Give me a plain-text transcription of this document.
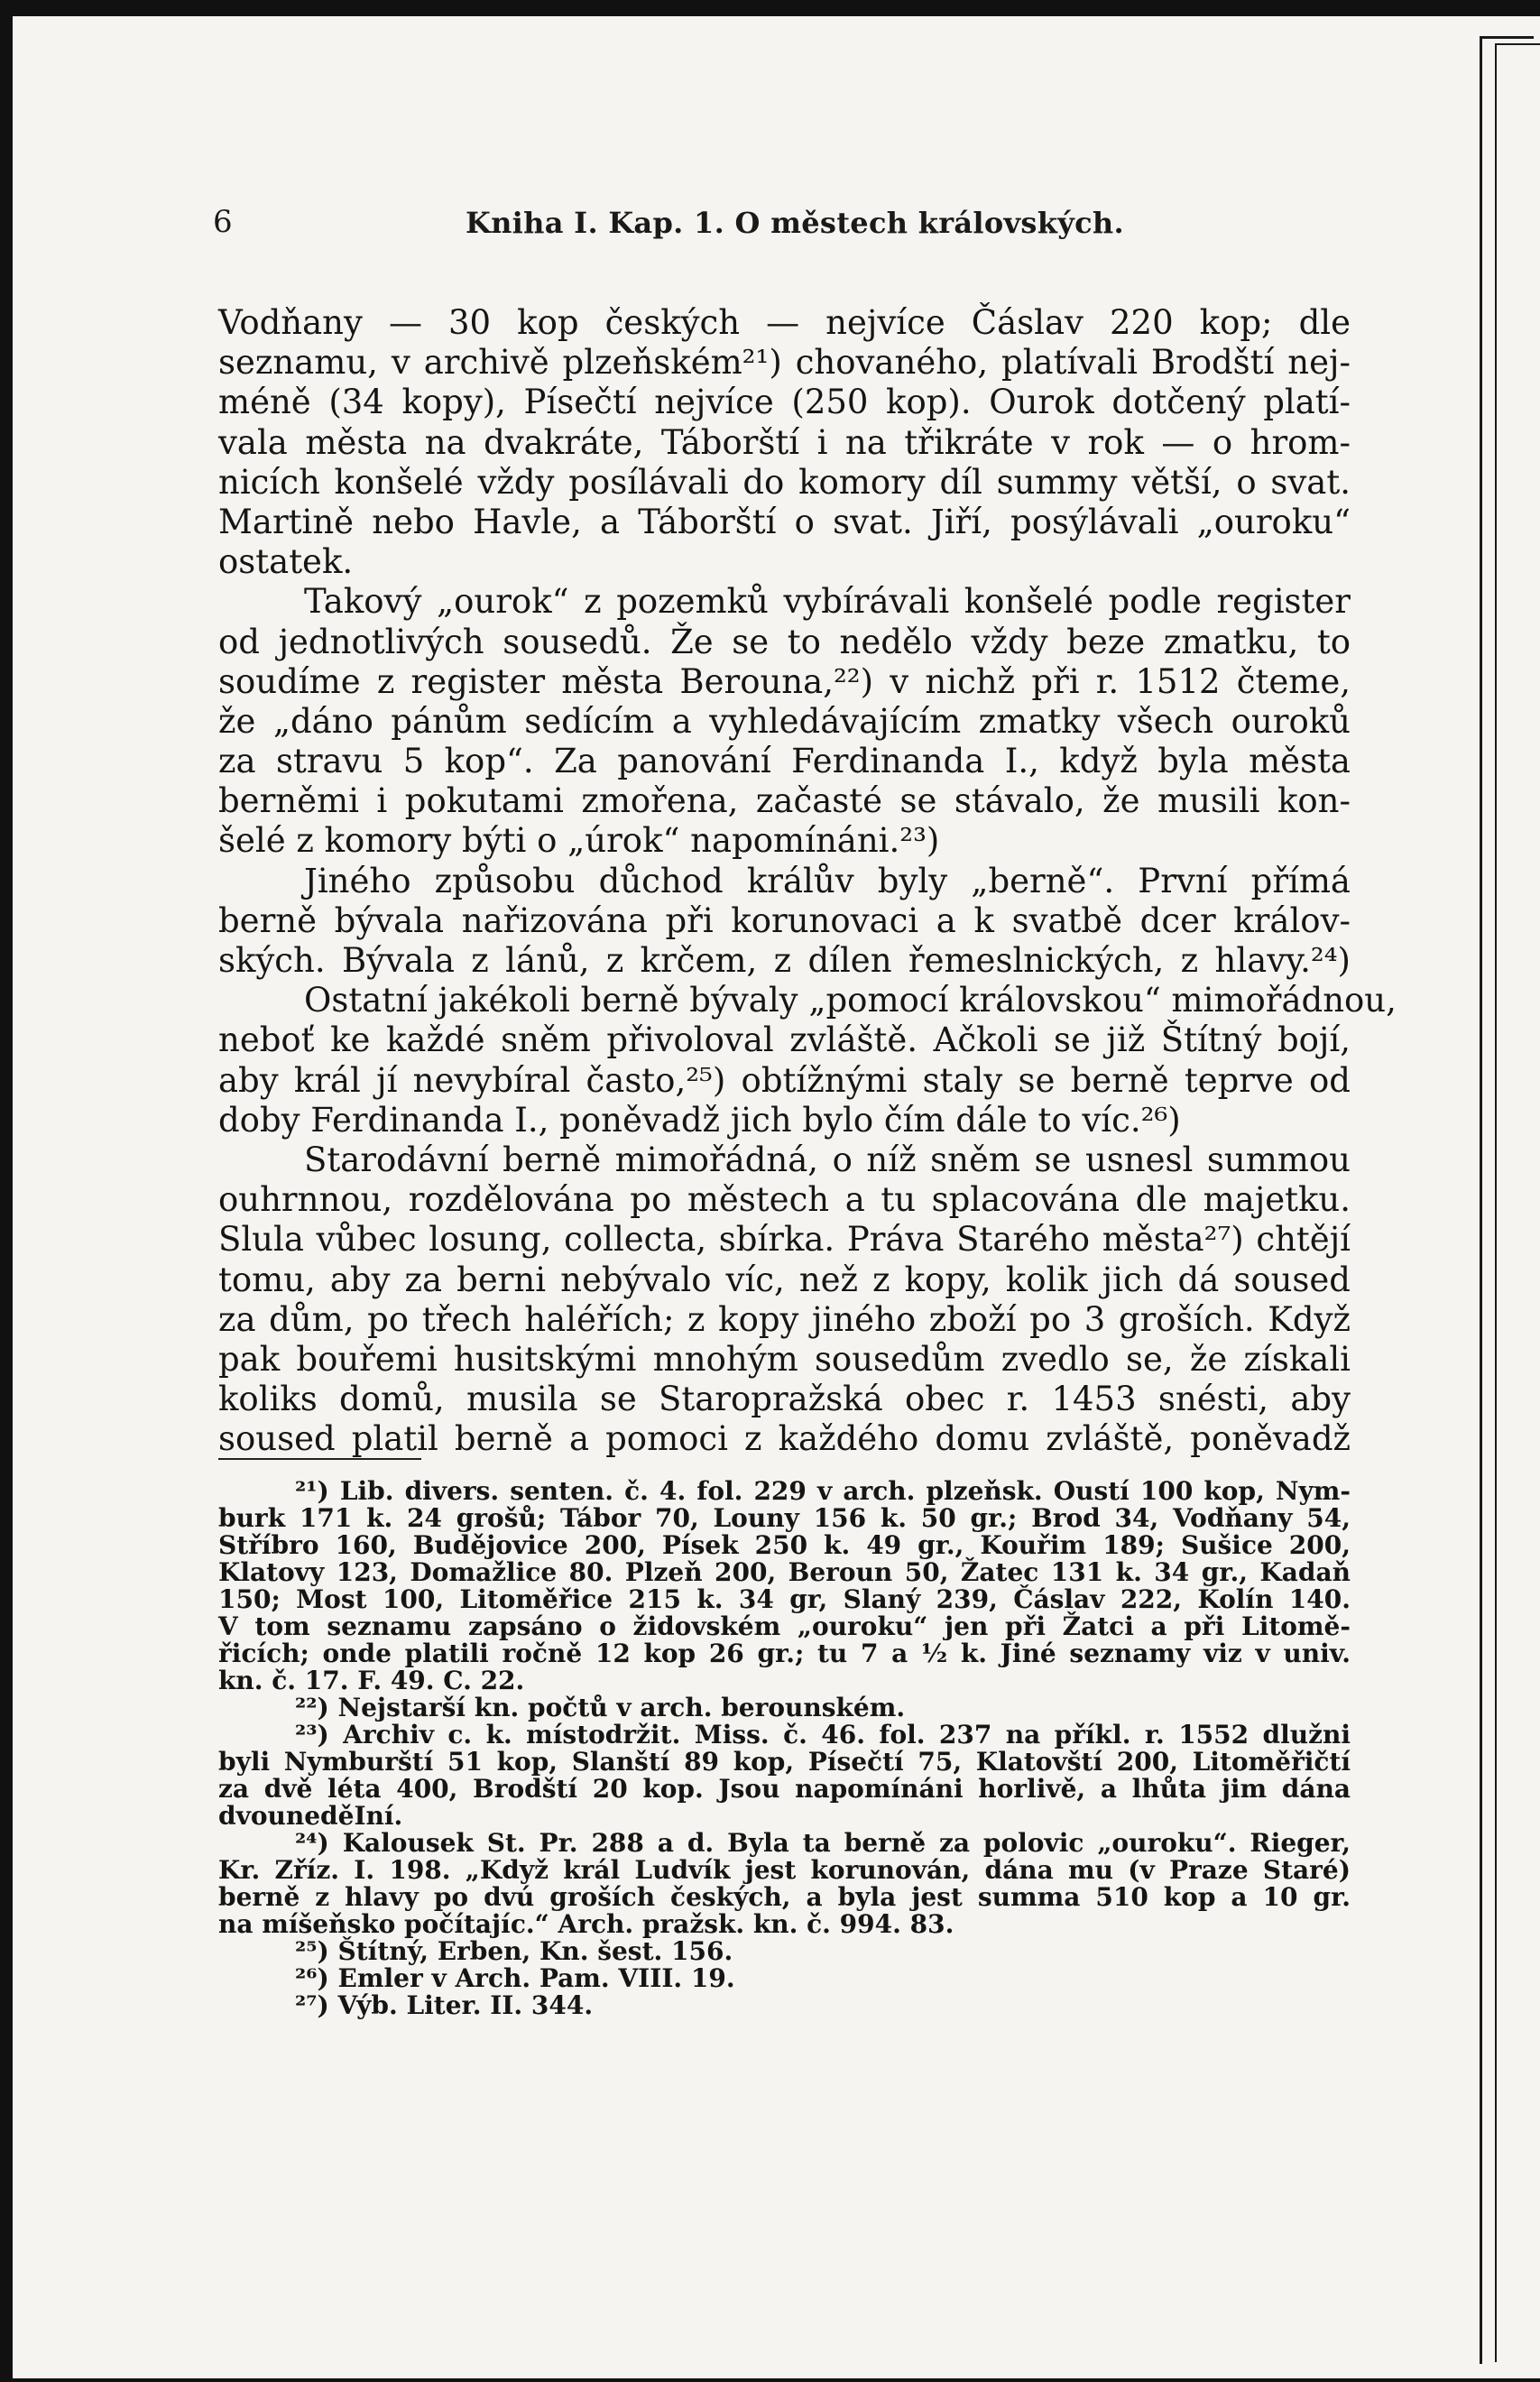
6	Kniha I. Kap. 1. O městech královských.
Vodňany — 30 kop českých — nejvíce Čáslav 220 kop; dle
seznamu, v archivě plzeňském²¹) chovaného, platívali Brodští nej-
méně (34 kopy), Písečtí nejvíce (250 kop). Ourok dotčený platí-
vala města na dvakráte, Táborští i na třikráte v rok — o hrom-
nicích konšelé vždy posílávali do komory díl summy větší, o svat.
Martině nebo Havle, a Táborští o svat. Jiří, posýlávali „ouroku“
ostatek.
Takový „ourok“ z pozemků vybírávali konšelé podle register
od jednotlivých sousedů. Že se to nedělo vždy beze zmatku, to
soudíme z register města Berouna,²²) v nichž při r. 1512 čteme,
že „dáno pánům sedícím a vyhledávajícím zmatky všech ouroků
za stravu 5 kop“. Za panování Ferdinanda I., když byla města
berněmi i pokutami zmořena, začasté se stávalo, že musili kon-
šelé z komory býti o „úrok“ napomínáni.²³)
Jiného způsobu důchod králův byly „berně“. První přímá
berně bývala nařizována při korunovaci a k svatbě dcer králov-
ských. Bývala z lánů, z krčem, z dílen řemeslnických, z hlavy.²⁴)
Ostatní jakékoli berně bývaly „pomocí královskou“ mimořádnou,
neboť ke každé sněm přivoloval zvláště. Ačkoli se již Štítný bojí,
aby král jí nevybíral často,²⁵) obtížnými staly se berně teprve od
doby Ferdinanda I., poněvadž jich bylo čím dále to víc.²⁶)
Starodávní berně mimořádná, o níž sněm se usnesl summou
ouhrnnou, rozdělována po městech a tu splacována dle majetku.
Slula vůbec losung, collecta, sbírka. Práva Starého města²⁷) chtějí
tomu, aby za berni nebývalo víc, než z kopy, kolik jich dá soused
za dům, po třech haléřích; z kopy jiného zboží po 3 groších. Když
pak bouřemi husitskými mnohým sousedům zvedlo se, že získali
koliks domů, musila se Staropražská obec r. 1453 snésti, aby
soused platil berně a pomoci z každého domu zvláště, poněvadž
²¹) Lib. divers. senten. č. 4. fol. 229 v arch. plzeňsk. Oustí 100 kop, Nym-
burk 171 k. 24 grošů; Tábor 70, Louny 156 k. 50 gr.; Brod 34, Vodňany 54,
Stříbro 160, Budějovice 200, Písek 250 k. 49 gr., Kouřim 189; Sušice 200,
Klatovy 123, Domažlice 80. Plzeň 200, Beroun 50, Žatec 131 k. 34 gr., Kadaň
150; Most 100, Litoměřice 215 k. 34 gr, Slaný 239, Čáslav 222, Kolín 140.
V tom seznamu zapsáno o židovském „ouroku“ jen při Žatci a při Litomě-
řicích; onde platili ročně 12 kop 26 gr.; tu 7 a ½ k. Jiné seznamy viz v univ.
kn. č. 17. F. 49. C. 22.
²²) Nejstarší kn. počtů v arch. berounském.
²³) Archiv c. k. místodržit. Miss. č. 46. fol. 237 na příkl. r. 1552 dlužni
byli Nymburští 51 kop, Slanští 89 kop, Písečtí 75, Klatovští 200, Litoměřičtí
za dvě léta 400, Brodští 20 kop. Jsou napomínáni horlivě, a lhůta jim dána
dvouneděIní.
²⁴) Kalousek St. Pr. 288 a d. Byla ta berně za polovic „ouroku“. Rieger,
Kr. Zříz. I. 198. „Když král Ludvík jest korunován, dána mu (v Praze Staré)
berně z hlavy po dvú groších českých, a byla jest summa 510 kop a 10 gr.
na míšeňsko počítajíc.“ Arch. pražsk. kn. č. 994. 83.
²⁵) Štítný, Erben, Kn. šest. 156.
²⁶) Emler v Arch. Pam. VIII. 19.
²⁷) Výb. Liter. II. 344.
